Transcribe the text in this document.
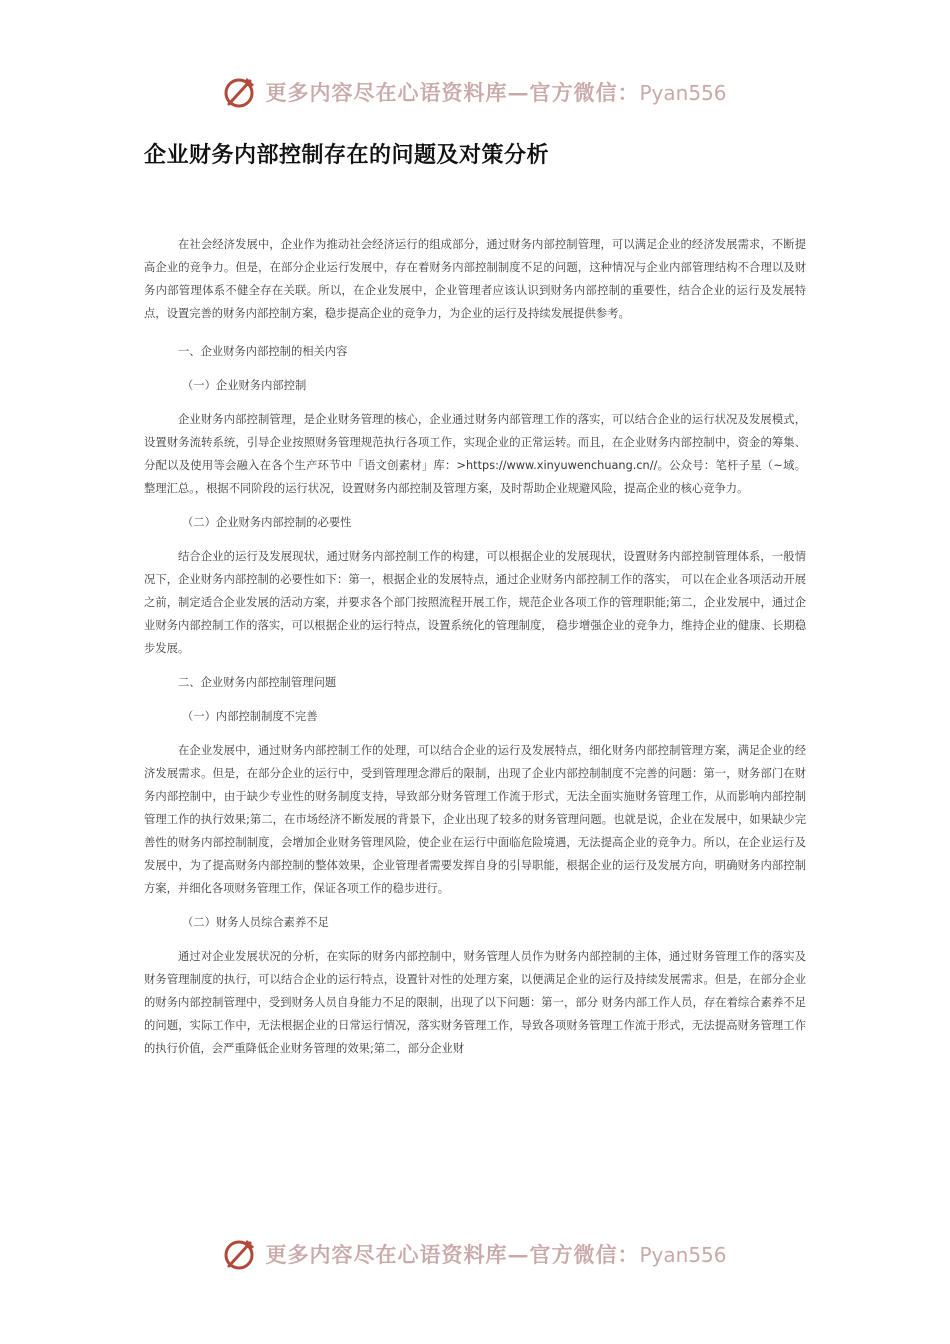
更多内容尽在心语资料库—官方微信：Pyan556
企业财务内部控制存在的问题及对策分析

在社会经济发展中，企业作为推动社会经济运行的组成部分，通过财务内部控制管理，可以满足企业的经济发展需求，不断提高企业的竞争力。但是，在部分企业运行发展中，存在着财务内部控制制度不足的问题，这种情况与企业内部管理结构不合理以及财务内部管理体系不健全存在关联。所以，在企业发展中，企业管理者应该认识到财务内部控制的重要性，结合企业的运行及发展特点，设置完善的财务内部控制方案，稳步提高企业的竞争力，为企业的运行及持续发展提供参考。

一、企业财务内部控制的相关内容

（一）企业财务内部控制

企业财务内部控制管理，是企业财务管理的核心，企业通过财务内部管理工作的落实，可以结合企业的运行状况及发展模式，设置财务流转系统，引导企业按照财务管理规范执行各项工作，实现企业的正常运转。而且，在企业财务内部控制中，资金的筹集、分配以及使用等会融入在各个生产环节中「语文创素材」库：>https://www.xinyuwenchuang.cn//。公众号：笔杆子星（~域。整理汇总。，根据不同阶段的运行状况，设置财务内部控制及管理方案，及时帮助企业规避风险，提高企业的核心竞争力。

（二）企业财务内部控制的必要性

结合企业的运行及发展现状，通过财务内部控制工作的构建，可以根据企业的发展现状，设置财务内部控制管理体系，一般情况下，企业财务内部控制的必要性如下：第一，根据企业的发展特点，通过企业财务内部控制工作的落实， 可以在企业各项活动开展之前，制定适合企业发展的活动方案，并要求各个部门按照流程开展工作，规范企业各项工作的管理职能;第二，企业发展中，通过企业财务内部控制工作的落实，可以根据企业的运行特点，设置系统化的管理制度， 稳步增强企业的竞争力，维持企业的健康、长期稳步发展。

二、企业财务内部控制管理问题

（一）内部控制制度不完善

在企业发展中，通过财务内部控制工作的处理，可以结合企业的运行及发展特点，细化财务内部控制管理方案，满足企业的经济发展需求。但是，在部分企业的运行中，受到管理理念滞后的限制，出现了企业内部控制制度不完善的问题：第一，财务部门在财务内部控制中，由于缺少专业性的财务制度支持，导致部分财务管理工作流于形式，无法全面实施财务管理工作，从而影响内部控制管理工作的执行效果;第二，在市场经济不断发展的背景下，企业出现了较多的财务管理问题。也就是说，企业在发展中，如果缺少完善性的财务内部控制制度，会增加企业财务管理风险，使企业在运行中面临危险境遇，无法提高企业的竞争力。所以，在企业运行及发展中，为了提高财务内部控制的整体效果，企业管理者需要发挥自身的引导职能，根据企业的运行及发展方向，明确财务内部控制方案，并细化各项财务管理工作，保证各项工作的稳步进行。

（二）财务人员综合素养不足

通过对企业发展状况的分析，在实际的财务内部控制中，财务管理人员作为财务内部控制的主体，通过财务管理工作的落实及财务管理制度的执行，可以结合企业的运行特点，设置针对性的处理方案，以便满足企业的运行及持续发展需求。但是，在部分企业的财务内部控制管理中，受到财务人员自身能力不足的限制，出现了以下问题：第一，部分 财务内部工作人员，存在着综合素养不足的问题，实际工作中，无法根据企业的日常运行情况，落实财务管理工作，导致各项财务管理工作流于形式，无法提高财务管理工作的执行价值，会严重降低企业财务管理的效果;第二，部分企业财

更多内容尽在心语资料库—官方微信：Pyan556
